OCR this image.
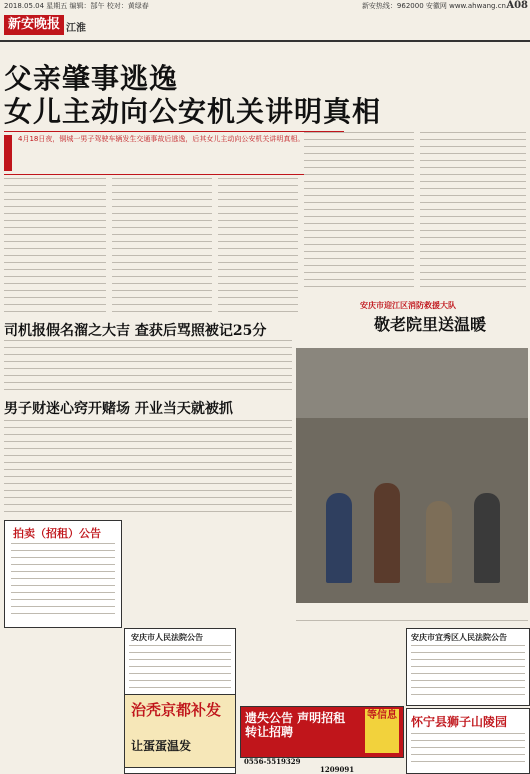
2018.05.04 星期五 编辑：郜午 校对：黄绿春	新安热线：962000 安徽网 www.ahwang.cn A08
新安晚报 江淮
父亲肇事逃逸
女儿主动向公安机关讲明真相
4月18日夜，铜城一男子驾驶车辆发生交通事故后逃逸，后其女儿主动向公安机关讲明真相。
司机报假名溜之大吉 查获后骂照被记25分
男子财迷心窍开赌场 开业当天就被抓
安庆市迎江区消防救援大队
敬老院里送温暖
拍卖（招租）公告
安庆市人民法院公告	安庆市宜秀区人民法院公告
治秃京都补发
让蛋蛋温发
遗失公告 声明招租 转让招聘
等信息
0556-5519329
1209091
怀宁县狮子山陵园
